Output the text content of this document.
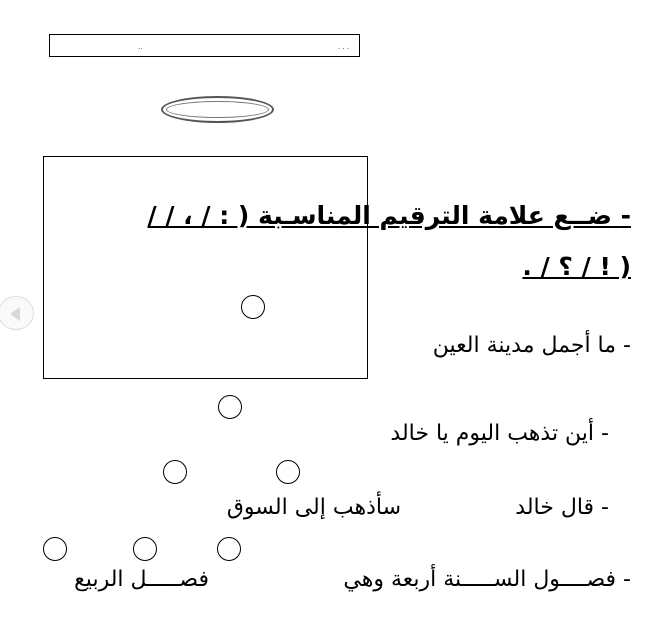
..	. . .
- ضــع علامة الترقيم المناسـبة ( : / ، / /
( ! / ؟ / .
- ما أجمل مدينة العين
- أين تذهب اليوم يا خالد
- قال خالد
سأذهب إلى السوق
- فصــــول الســـــنة أربعة وهي
فصـــــل الربيع
